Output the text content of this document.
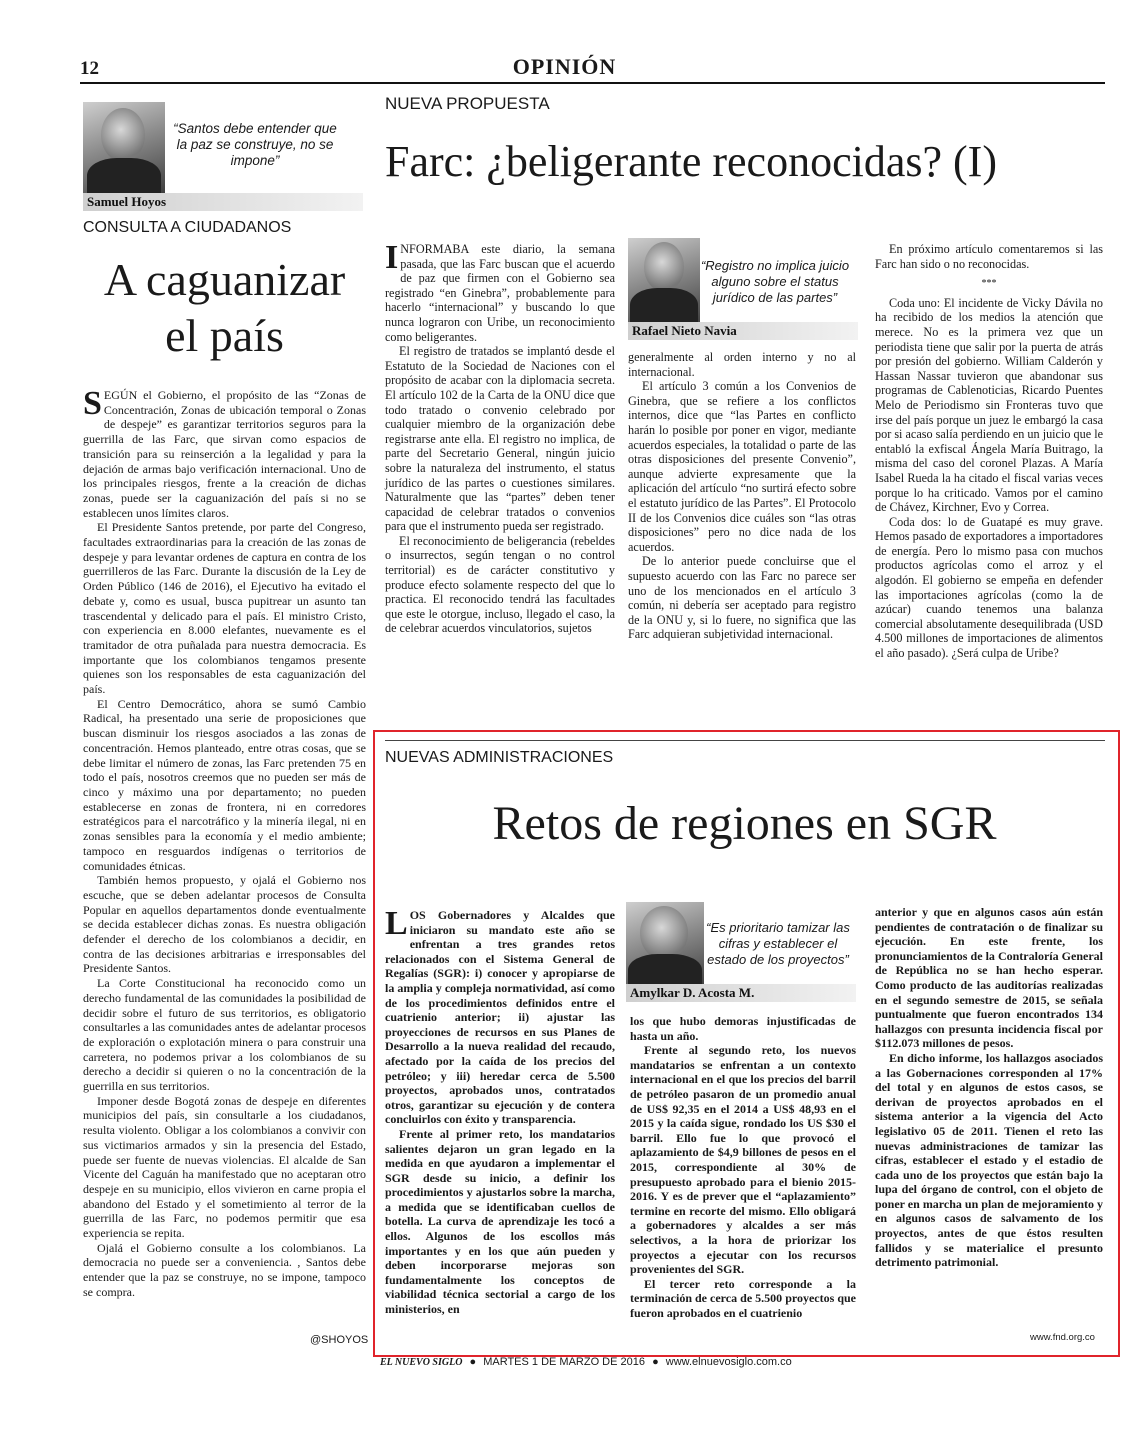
12	OPINIÓN
“Santos debe entender que la paz se construye, no se impone”
Samuel Hoyos
CONSULTA A CIUDADANOS
A caguanizar el país
S EGÚN el Gobierno, el propósito de las “Zonas de Concentración, Zonas de ubicación temporal o Zonas de despeje” es garantizar territorios seguros para la guerrilla de las Farc, que sirvan como espacios de transición para su reinserción a la legalidad y para la dejación de armas bajo verificación internacional. Uno de los principales riesgos, frente a la creación de dichas zonas, puede ser la caguanización del país si no se establecen unos límites claros.

El Presidente Santos pretende, por parte del Congreso, facultades extraordinarias para la creación de las zonas de despeje y para levantar ordenes de captura en contra de los guerrilleros de las Farc. Durante la discusión de la Ley de Orden Público (146 de 2016), el Ejecutivo ha evitado el debate y, como es usual, busca pupitrear un asunto tan trascendental y delicado para el país. El ministro Cristo, con experiencia en 8.000 elefantes, nuevamente es el tramitador de otra puñalada para nuestra democracia. Es importante que los colombianos tengamos presente quienes son los responsables de esta caguanización del país.

El Centro Democrático, ahora se sumó Cambio Radical, ha presentado una serie de proposiciones que buscan disminuir los riesgos asociados a las zonas de concentración. Hemos planteado, entre otras cosas, que se debe limitar el número de zonas, las Farc pretenden 75 en todo el país, nosotros creemos que no pueden ser más de cinco y máximo una por departamento; no pueden establecerse en zonas de frontera, ni en corredores estratégicos para el narcotráfico y la minería ilegal, ni en zonas sensibles para la economía y el medio ambiente; tampoco en resguardos indígenas o territorios de comunidades étnicas.

También hemos propuesto, y ojalá el Gobierno nos escuche, que se deben adelantar procesos de Consulta Popular en aquellos departamentos donde eventualmente se decida establecer dichas zonas. Es nuestra obligación defender el derecho de los colombianos a decidir, en contra de las decisiones arbitrarias e irresponsables del Presidente Santos.

La Corte Constitucional ha reconocido como un derecho fundamental de las comunidades la posibilidad de decidir sobre el futuro de sus territorios, es obligatorio consultarles a las comunidades antes de adelantar procesos de exploración o explotación minera o para construir una carretera, no podemos privar a los colombianos de su derecho a decidir si quieren o no la concentración de la guerrilla en sus territorios.

Imponer desde Bogotá zonas de despeje en diferentes municipios del país, sin consultarle a los ciudadanos, resulta violento. Obligar a los colombianos a convivir con sus victimarios armados y sin la presencia del Estado, puede ser fuente de nuevas violencias. El alcalde de San Vicente del Caguán ha manifestado que no aceptaran otro despeje en su municipio, ellos vivieron en carne propia el abandono del Estado y el sometimiento al terror de la guerrilla de las Farc, no podemos permitir que esa experiencia se repita.

Ojalá el Gobierno consulte a los colombianos. La democracia no puede ser a conveniencia. , Santos debe entender que la paz se construye, no se impone, tampoco se compra.

@SHOYOS
NUEVA PROPUESTA
Farc: ¿beligerante reconocidas? (I)
I NFORMABA este diario, la semana pasada, que las Farc buscan que el acuerdo de paz que firmen con el Gobierno sea registrado “en Ginebra”, probablemente para hacerlo “internacional” y buscando lo que nunca lograron con Uribe, un reconocimiento como beligerantes.

El registro de tratados se implantó desde el Estatuto de la Sociedad de Naciones con el propósito de acabar con la diplomacia secreta. El artículo 102 de la Carta de la ONU dice que todo tratado o convenio celebrado por cualquier miembro de la organización debe registrarse ante ella. El registro no implica, de parte del Secretario General, ningún juicio sobre la naturaleza del instrumento, el status jurídico de las partes o cuestiones similares. Naturalmente que las “partes” deben tener capacidad de celebrar tratados o convenios para que el instrumento pueda ser registrado.

El reconocimiento de beligerancia (rebeldes o insurrectos, según tengan o no control territorial) es de carácter constitutivo y produce efecto solamente respecto del que lo practica. El reconocido tendrá las facultades que este le otorgue, incluso, llegado el caso, la de celebrar acuerdos vinculatorios, sujetos

“Registro no implica juicio alguno sobre el status jurídico de las partes”
Rafael Nieto Navia

generalmente al orden interno y no al internacional.

El artículo 3 común a los Convenios de Ginebra, que se refiere a los conflictos internos, dice que “las Partes en conflicto harán lo posible por poner en vigor, mediante acuerdos especiales, la totalidad o parte de las otras disposiciones del presente Convenio”, aunque advierte expresamente que la aplicación del artículo “no surtirá efecto sobre el estatuto jurídico de las Partes”. El Protocolo II de los Convenios dice cuáles son “las otras disposiciones” pero no dice nada de los acuerdos.

De lo anterior puede concluirse que el supuesto acuerdo con las Farc no parece ser uno de los mencionados en el artículo 3 común, ni debería ser aceptado para registro de la ONU y, si lo fuere, no significa que las Farc adquieran subjetividad internacional.

En próximo artículo comentaremos si las Farc han sido o no reconocidas.

***

Coda uno: El incidente de Vicky Dávila no ha recibido de los medios la atención que merece. No es la primera vez que un periodista tiene que salir por la puerta de atrás por presión del gobierno. William Calderón y Hassan Nassar tuvieron que abandonar sus programas de Cablenoticias, Ricardo Puentes Melo de Periodismo sin Fronteras tuvo que irse del país porque un juez le embargó la casa por si acaso salía perdiendo en un juicio que le entabló la exfiscal Ángela María Buitrago, la misma del caso del coronel Plazas. A María Isabel Rueda la ha citado el fiscal varias veces porque lo ha criticado. Vamos por el camino de Chávez, Kirchner, Evo y Correa.

Coda dos: lo de Guatapé es muy grave. Hemos pasado de exportadores a importadores de energía. Pero lo mismo pasa con muchos productos agrícolas como el arroz y el algodón. El gobierno se empeña en defender las importaciones agrícolas (como la de azúcar) cuando tenemos una balanza comercial absolutamente desequilibrada (USD 4.500 millones de importaciones de alimentos el año pasado). ¿Será culpa de Uribe?

NUEVAS ADMINISTRACIONES
Retos de regiones en SGR
L OS Gobernadores y Alcaldes que iniciaron su mandato este año se enfrentan a tres grandes retos relacionados con el Sistema General de Regalías (SGR): i) conocer y apropiarse de la amplia y compleja normatividad, así como de los procedimientos definidos entre el cuatrienio anterior; ii) ajustar las proyecciones de recursos en sus Planes de Desarrollo a la nueva realidad del recaudo, afectado por la caída de los precios del petróleo; y iii) heredar cerca de 5.500 proyectos, aprobados unos, contratados otros, garantizar su ejecución y de contera concluirlos con éxito y transparencia.

Frente al primer reto, los mandatarios salientes dejaron un gran legado en la medida en que ayudaron a implementar el SGR desde su inicio, a definir los procedimientos y ajustarlos sobre la marcha, a medida que se identificaban cuellos de botella. La curva de aprendizaje les tocó a ellos. Algunos de los escollos más importantes y en los que aún pueden y deben incorporarse mejoras son fundamentalmente los conceptos de viabilidad técnica sectorial a cargo de los ministerios, en

“Es prioritario tamizar las cifras y establecer el estado de los proyectos”
Amylkar D. Acosta M.

los que hubo demoras injustificadas de hasta un año.

Frente al segundo reto, los nuevos mandatarios se enfrentan a un contexto internacional en el que los precios del barril de petróleo pasaron de un promedio anual de US$ 92,35 en el 2014 a US$ 48,93 en el 2015 y la caída sigue, rondado los US $30 el barril. Ello fue lo que provocó el aplazamiento de $4,9 billones de pesos en el 2015, correspondiente al 30% de presupuesto aprobado para el bienio 2015-2016. Y es de prever que el “aplazamiento” termine en recorte del mismo. Ello obligará a gobernadores y alcaldes a ser más selectivos, a la hora de priorizar los proyectos a ejecutar con los recursos provenientes del SGR.

El tercer reto corresponde a la terminación de cerca de 5.500 proyectos que fueron aprobados en el cuatrienio

anterior y que en algunos casos aún están pendientes de contratación o de finalizar su ejecución. En este frente, los pronunciamientos de la Contraloría General de República no se han hecho esperar. Como producto de las auditorías realizadas en el segundo semestre de 2015, se señala puntualmente que fueron encontrados 134 hallazgos con presunta incidencia fiscal por $112.073 millones de pesos.

En dicho informe, los hallazgos asociados a las Gobernaciones corresponden al 17% del total y en algunos de estos casos, se derivan de proyectos aprobados en el sistema anterior a la vigencia del Acto legislativo 05 de 2011. Tienen el reto las nuevas administraciones de tamizar las cifras, establecer el estado y el estadio de cada uno de los proyectos que están bajo la lupa del órgano de control, con el objeto de poner en marcha un plan de mejoramiento y en algunos casos de salvamento de los proyectos, antes de que éstos resulten fallidos y se materialice el presunto detrimento patrimonial.

www.fnd.org.co
EL NUEVO SIGLO ● MARTES 1 DE MARZO DE 2016 ● www.elnuevosiglo.com.co
